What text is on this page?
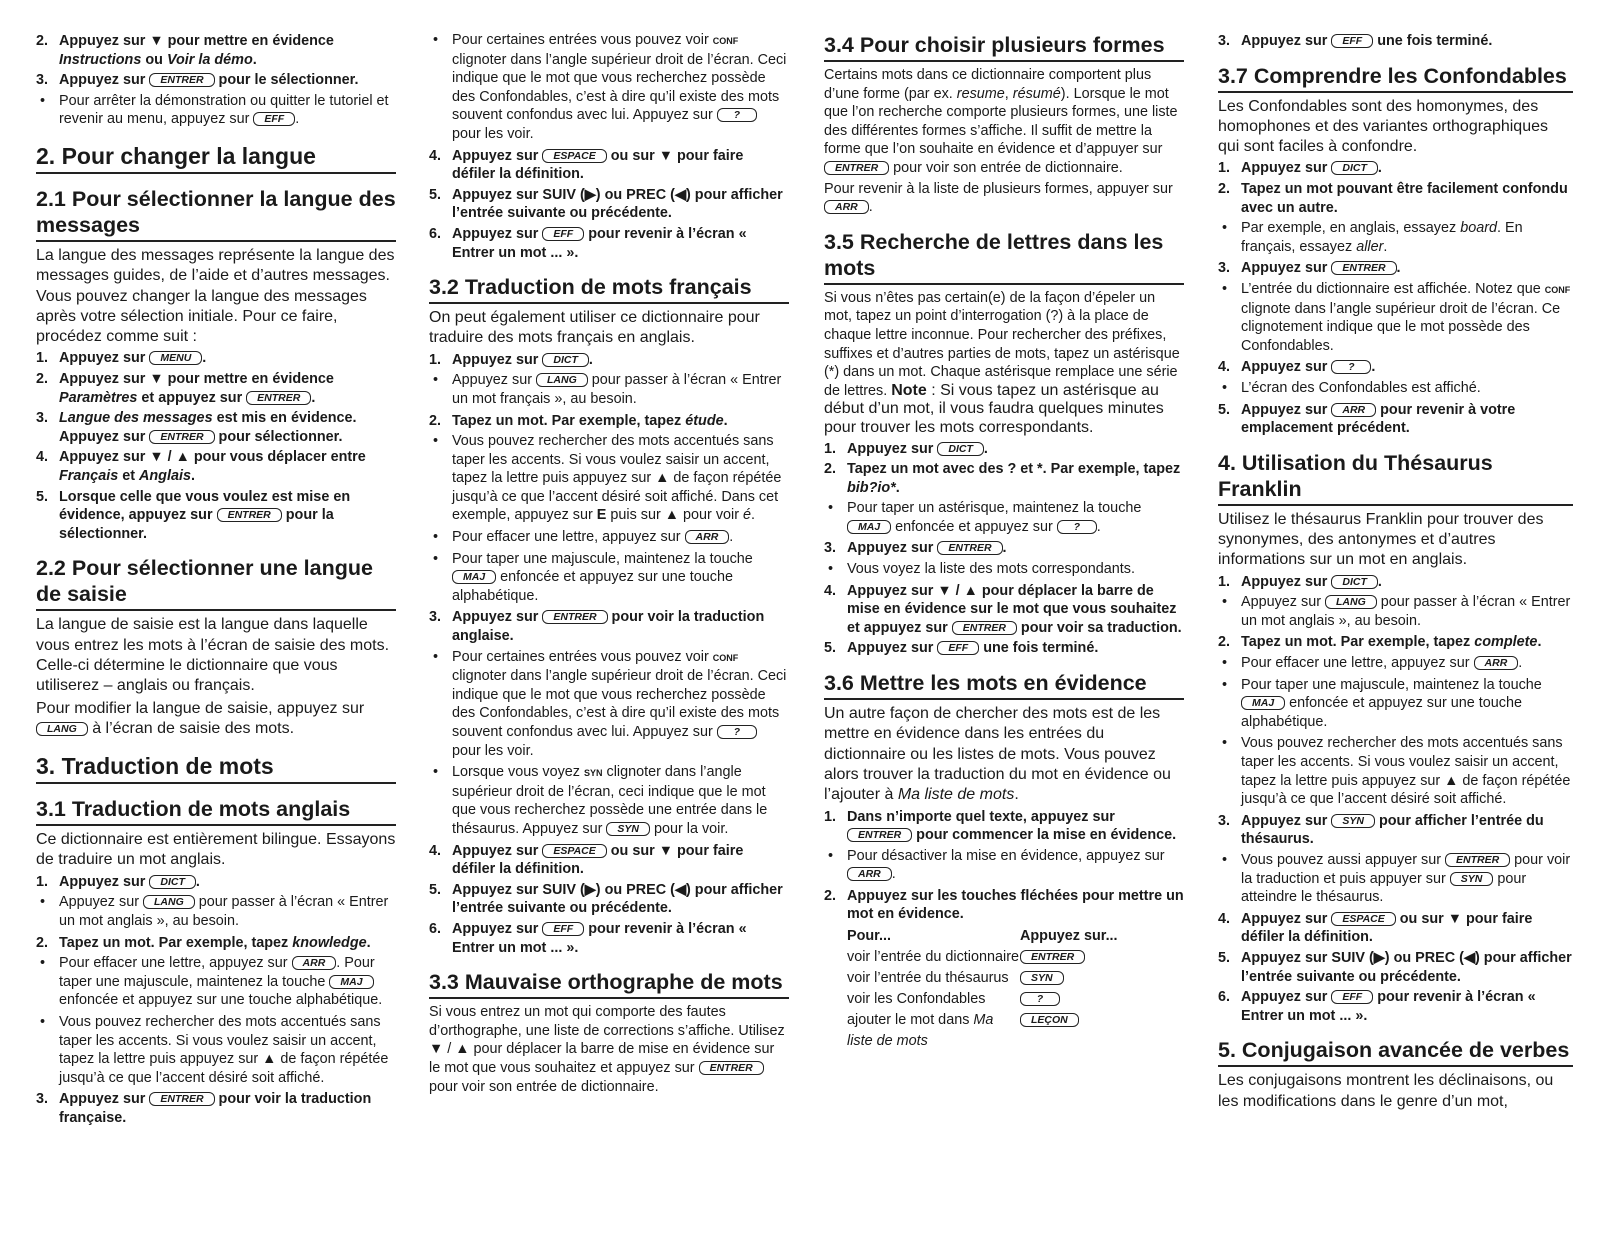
2. Appuyez sur ▼ pour mettre en évidence Instructions ou Voir la démo.
3. Appuyez sur ENTRER pour le sélectionner.
• Pour arrêter la démonstration ou quitter le tutoriel et revenir au menu, appuyez sur EFF .
2. Pour changer la langue
2.1 Pour sélectionner la langue des messages
La langue des messages représente la langue des messages guides, de l’aide et d’autres messages. Vous pouvez changer la langue des messages après votre sélection initiale. Pour ce faire, procédez comme suit :
1. Appuyez sur MENU .
2. Appuyez sur ▼ pour mettre en évidence Paramètres et appuyez sur ENTRER .
3. Langue des messages est mis en évidence. Appuyez sur ENTRER pour sélectionner.
4. Appuyez sur ▼ / ▲ pour vous déplacer entre Français et Anglais.
5. Lorsque celle que vous voulez est mise en évidence, appuyez sur ENTRER pour la sélectionner.
2.2 Pour sélectionner une langue de saisie
La langue de saisie est la langue dans laquelle vous entrez les mots à l’écran de saisie des mots. Celle-ci détermine le dictionnaire que vous utiliserez – anglais ou français.
Pour modifier la langue de saisie, appuyez sur LANG à l’écran de saisie des mots.
3. Traduction de mots
3.1 Traduction de mots anglais
Ce dictionnaire est entièrement bilingue. Essayons de traduire un mot anglais.
1. Appuyez sur DICT .
• Appuyez sur LANG pour passer à l’écran « Entrer un mot anglais », au besoin.
2. Tapez un mot. Par exemple, tapez knowledge.
• Pour effacer une lettre, appuyez sur ARR . Pour taper une majuscule, maintenez la touche MAJ enfoncée et appuyez sur une touche alphabétique.
• Vous pouvez rechercher des mots accentués sans taper les accents. Si vous voulez saisir un accent, tapez la lettre puis appuyez sur ▲ de façon répétée jusqu’à ce que l’accent désiré soit affiché.
3. Appuyez sur ENTRER pour voir la traduction française.
• Pour certaines entrées vous pouvez voir CONF clignoter dans l’angle supérieur droit de l’écran. Ceci indique que le mot que vous recherchez possède des Confondables, c’est à dire qu’il existe des mots souvent confondus avec lui. Appuyez sur ? pour les voir.
4. Appuyez sur ESPACE ou sur ▼ pour faire défiler la définition.
5. Appuyez sur SUIV (▶) ou PREC (◀) pour afficher l’entrée suivante ou précédente.
6. Appuyez sur EFF pour revenir à l’écran « Entrer un mot ... ».
3.2 Traduction de mots français
On peut également utiliser ce dictionnaire pour traduire des mots français en anglais.
1. Appuyez sur DICT .
• Appuyez sur LANG pour passer à l’écran « Entrer un mot français », au besoin.
2. Tapez un mot. Par exemple, tapez étude.
• Vous pouvez rechercher des mots accentués sans taper les accents. Si vous voulez saisir un accent, tapez la lettre puis appuyez sur ▲ de façon répétée jusqu’à ce que l’accent désiré soit affiché. Dans cet exemple, appuyez sur E puis sur ▲ pour voir é.
• Pour effacer une lettre, appuyez sur ARR .
• Pour taper une majuscule, maintenez la touche MAJ enfoncée et appuyez sur une touche alphabétique.
3. Appuyez sur ENTRER pour voir la traduction anglaise.
• Pour certaines entrées vous pouvez voir CONF clignoter dans l’angle supérieur droit de l’écran. Ceci indique que le mot que vous recherchez possède des Confondables, c’est à dire qu’il existe des mots souvent confondus avec lui. Appuyez sur ? pour les voir.
• Lorsque vous voyez SYN clignoter dans l’angle supérieur droit de l’écran, ceci indique que le mot que vous recherchez possède une entrée dans le thésaurus. Appuyez sur SYN pour la voir.
4. Appuyez sur ESPACE ou sur ▼ pour faire défiler la définition.
5. Appuyez sur SUIV (▶) ou PREC (◀) pour afficher l’entrée suivante ou précédente.
6. Appuyez sur EFF pour revenir à l’écran « Entrer un mot ... ».
3.3 Mauvaise orthographe de mots
Si vous entrez un mot qui comporte des fautes d’orthographe, une liste de corrections s’affiche. Utilisez ▼ / ▲ pour déplacer la barre de mise en évidence sur le mot que vous souhaitez et appuyez sur ENTRER pour voir son entrée de dictionnaire.
3.4 Pour choisir plusieurs formes
Certains mots dans ce dictionnaire comportent plus d’une forme (par ex. resume, résumé). Lorsque le mot que l’on recherche comporte plusieurs formes, une liste des différentes formes s’affiche. Il suffit de mettre la forme que l’on souhaite en évidence et d’appuyer sur ENTRER pour voir son entrée de dictionnaire.
Pour revenir à la liste de plusieurs formes, appuyer sur ARR .
3.5 Recherche de lettres dans les mots
Si vous n’êtes pas certain(e) de la façon d’épeler un mot, tapez un point d’interrogation (?) à la place de chaque lettre inconnue. Pour rechercher des préfixes, suffixes et d’autres parties de mots, tapez un astérisque (*) dans un mot. Chaque astérisque remplace une série de lettres. Note : Si vous tapez un astérisque au début d’un mot, il vous faudra quelques minutes pour trouver les mots correspondants.
1. Appuyez sur DICT .
2. Tapez un mot avec des ? et *. Par exemple, tapez bib?io*.
• Pour taper un astérisque, maintenez la touche MAJ enfoncée et appuyez sur ? .
3. Appuyez sur ENTRER .
• Vous voyez la liste des mots correspondants.
4. Appuyez sur ▼ / ▲ pour déplacer la barre de mise en évidence sur le mot que vous souhaitez et appuyez sur ENTRER pour voir sa traduction.
5. Appuyez sur EFF une fois terminé.
3.6 Mettre les mots en évidence
Un autre façon de chercher des mots est de les mettre en évidence dans les entrées du dictionnaire ou les listes de mots. Vous pouvez alors trouver la traduction du mot en évidence ou l’ajouter à Ma liste de mots.
1. Dans n’importe quel texte, appuyez sur ENTRER pour commencer la mise en évidence.
• Pour désactiver la mise en évidence, appuyez sur ARR .
2. Appuyez sur les touches fléchées pour mettre un mot en évidence.
Pour...	Appuyez sur...
voir l’entrée du dictionnaire	ENTRER
voir l’entrée du thésaurus	SYN
voir les Confondables	?
ajouter le mot dans Ma liste de mots	LEÇON
3. Appuyez sur EFF une fois terminé.
3.7 Comprendre les Confondables
Les Confondables sont des homonymes, des homophones et des variantes orthographiques qui sont faciles à confondre.
1. Appuyez sur DICT .
2. Tapez un mot pouvant être facilement confondu avec un autre.
• Par exemple, en anglais, essayez board. En français, essayez aller.
3. Appuyez sur ENTRER .
• L’entrée du dictionnaire est affichée. Notez que CONF clignote dans l’angle supérieur droit de l’écran. Ce clignotement indique que le mot possède des Confondables.
4. Appuyez sur ? .
• L’écran des Confondables est affiché.
5. Appuyez sur ARR pour revenir à votre emplacement précédent.
4. Utilisation du Thésaurus Franklin
Utilisez le thésaurus Franklin pour trouver des synonymes, des antonymes et d’autres informations sur un mot en anglais.
1. Appuyez sur DICT .
• Appuyez sur LANG pour passer à l’écran « Entrer un mot anglais », au besoin.
2. Tapez un mot. Par exemple, tapez complete.
• Pour effacer une lettre, appuyez sur ARR .
• Pour taper une majuscule, maintenez la touche MAJ enfoncée et appuyez sur une touche alphabétique.
• Vous pouvez rechercher des mots accentués sans taper les accents. Si vous voulez saisir un accent, tapez la lettre puis appuyez sur ▲ de façon répétée jusqu’à ce que l’accent désiré soit affiché.
3. Appuyez sur SYN pour afficher l’entrée du thésaurus.
• Vous pouvez aussi appuyer sur ENTRER pour voir la traduction et puis appuyer sur SYN pour atteindre le thésaurus.
4. Appuyez sur ESPACE ou sur ▼ pour faire défiler la définition.
5. Appuyez sur SUIV (▶) ou PREC (◀) pour afficher l’entrée suivante ou précédente.
6. Appuyez sur EFF pour revenir à l’écran « Entrer un mot ... ».
5. Conjugaison avancée de verbes
Les conjugaisons montrent les déclinaisons, ou les modifications dans le genre d’un mot,
